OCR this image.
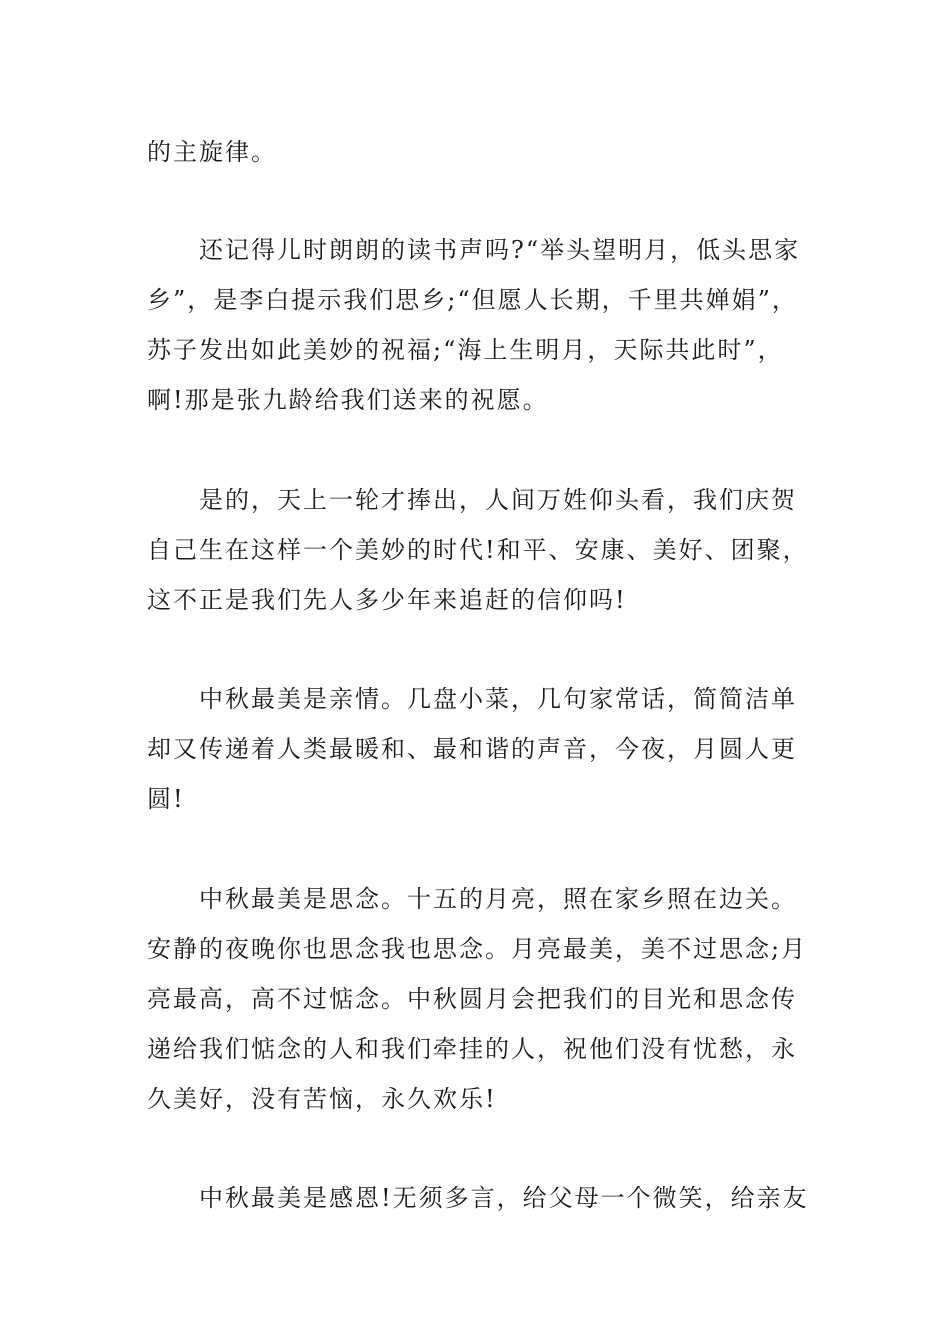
的主旋律。

还记得儿时朗朗的读书声吗?“举头望明月，低头思家

乡”，是李白提示我们思乡;“但愿人长期，千里共婵娟”，

苏子发出如此美妙的祝福;“海上生明月，天际共此时”，

啊!那是张九龄给我们送来的祝愿。

是的，天上一轮才捧出，人间万姓仰头看，我们庆贺

自己生在这样一个美妙的时代!和平、安康、美好、团聚，

这不正是我们先人多少年来追赶的信仰吗!

中秋最美是亲情。几盘小菜，几句家常话，简简洁单

却又传递着人类最暖和、最和谐的声音，今夜，月圆人更

圆!

中秋最美是思念。十五的月亮，照在家乡照在边关。

安静的夜晚你也思念我也思念。月亮最美，美不过思念;月

亮最高，高不过惦念。中秋圆月会把我们的目光和思念传

递给我们惦念的人和我们牵挂的人，祝他们没有忧愁，永

久美好，没有苦恼，永久欢乐!

中秋最美是感恩!无须多言，给父母一个微笑，给亲友
